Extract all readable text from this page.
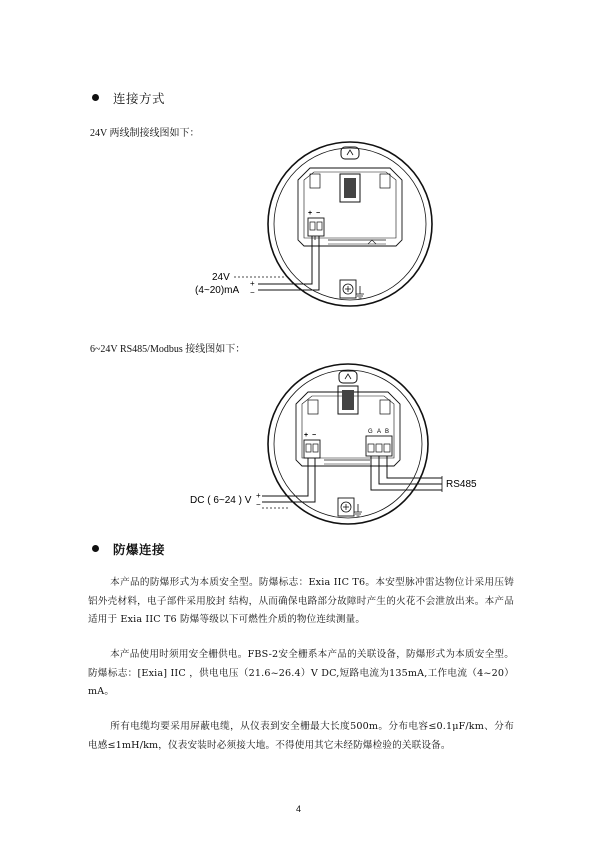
连接方式
24V 两线制接线图如下：
+ −
24V
(4~20)mA
+
−
6~24V RS485/Modbus 接线图如下：
+ −	G A B
RS485
+
−
DC ( 6~24 ) V
防爆连接
本产品的防爆形式为本质安全型。防爆标志：Exia IIC T6。本安型脉冲雷达物位计采用压铸铝外壳材料，电子部件采用胶封 结构，从而确保电路部分故障时产生的火花不会泄放出来。本产品适用于 Exia IIC T6 防爆等级以下可燃性介质的物位连续测量。
本产品使用时须用安全栅供电。FBS-2安全栅系本产品的关联设备，防爆形式为本质安全型。防爆标志：[Exia] IIC ，供电电压（21.6~26.4）V DC,短路电流为135mA,工作电流（4~20）mA。
所有电缆均要采用屏蔽电缆，从仪表到安全栅最大长度500m。分布电容≤0.1μF/km、分布电感≤1mH/km，仪表安装时必须接大地。不得使用其它未经防爆检验的关联设备。
4
